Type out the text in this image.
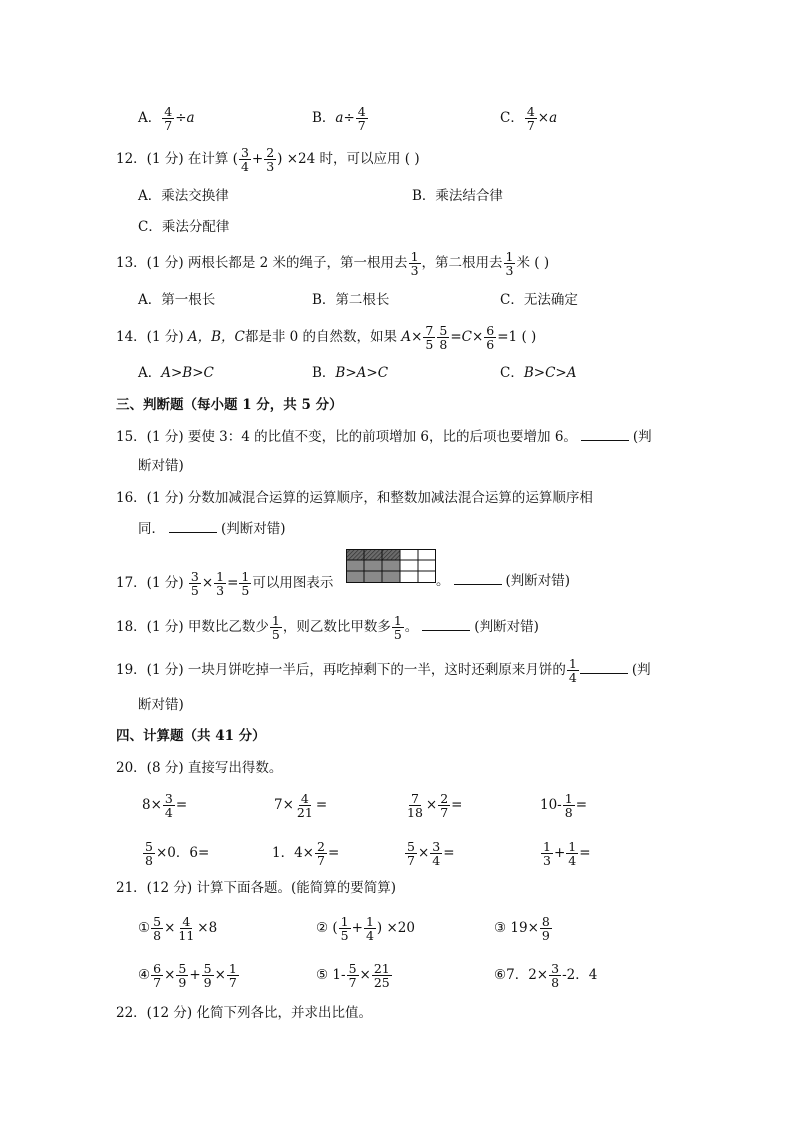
A． $\frac{4}{7} \div a$	B．$a\div \frac{4}{7}$	C． $\frac{4}{7} \times a$
12．(1 分) 在计算 ( $\frac{3}{4} + \frac{2}{3}$ ) ×24 时，可以应用 ( )
A．乘法交换律	B．乘法结合律
C．乘法分配律
13．(1 分) 两根长都是 2 米的绳子，第一根用去 $\frac{1}{3}$ ，第二根用去 $\frac{1}{3}$ 米 ( )
A．第一根长	B．第二根长	C．无法确定
14．(1 分) A，B，C都是非 0 的自然数，如果 $A\times \frac{7}{5} \frac{5}{8} =C\times \frac{6}{6} =1$ ( )
A．A>B>C	B．B>A>C	C．B>C>A
三、判断题（每小题 1 分，共 5 分）
15．(1 分) 要使 3：4 的比值不变，比的前项增加 6，比的后项也要增加 6。	(判
断对错)
16．(1 分) 分数加减混合运算的运算顺序，和整数加减法混合运算的运算顺序相
同．	(判断对错)
17．(1 分) $\frac{3}{5} \times \frac{1}{3} = \frac{1}{5}$ 可以用图表示	。	(判断对错)
18．(1 分) 甲数比乙数少 $\frac{1}{5}$ ，则乙数比甲数多 $\frac{1}{5}$ 。	(判断对错)
19．(1 分) 一块月饼吃掉一半后，再吃掉剩下的一半，这时还剩原来月饼的 $\frac{1}{4}$	(判
断对错)
四、计算题（共 41 分）
20．(8 分) 直接写出得数。
$8\times \frac{3}{4}$ =	$7\times \frac{4}{21}$ =	$\frac{7}{18} \times \frac{2}{7}$ =	$10- \frac{1}{8}$ =
$\frac{5}{8} \times 0$．6=	1．$4\times \frac{2}{7}$ =	$\frac{5}{7} \times \frac{3}{4}$ =	$\frac{1}{3} + \frac{1}{4}$ =
21．(12 分) 计算下面各题。(能简算的要简算)
① $\frac{5}{8} \times \frac{4}{11} \times 8$	② ( $\frac{1}{5} + \frac{1}{4}$ ) ×20	③ $19\times \frac{8}{9}$
④ $\frac{6}{7} \times \frac{5}{9} + \frac{5}{9} \times \frac{1}{7}$	⑤ $1- \frac{5}{7} \times \frac{21}{25}$	⑥7．$2\times \frac{3}{8} -2$．4
22．(12 分) 化简下列各比，并求出比值。
